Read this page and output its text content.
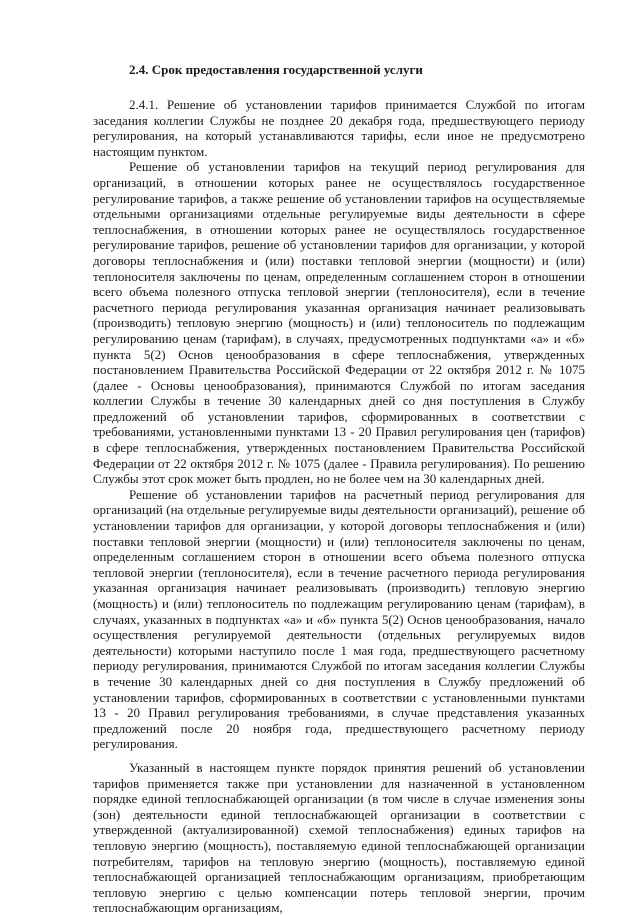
2.4. Срок предоставления государственной услуги

2.4.1. Решение об установлении тарифов принимается Службой по итогам заседания коллегии Службы не позднее 20 декабря года, предшествующего периоду регулирования, на который устанавливаются тарифы, если иное не предусмотрено настоящим пунктом.

Решение об установлении тарифов на текущий период регулирования для организаций, в отношении которых ранее не осуществлялось государственное регулирование тарифов, а также решение об установлении тарифов на осуществляемые отдельными организациями отдельные регулируемые виды деятельности в сфере теплоснабжения, в отношении которых ранее не осуществлялось государственное регулирование тарифов, решение об установлении тарифов для организации, у которой договоры теплоснабжения и (или) поставки тепловой энергии (мощности) и (или) теплоносителя заключены по ценам, определенным соглашением сторон в отношении всего объема полезного отпуска тепловой энергии (теплоносителя), если в течение расчетного периода регулирования указанная организация начинает реализовывать (производить) тепловую энергию (мощность) и (или) теплоноситель по подлежащим регулированию ценам (тарифам), в случаях, предусмотренных подпунктами «а» и «б» пункта 5(2) Основ ценообразования в сфере теплоснабжения, утвержденных постановлением Правительства Российской Федерации от 22 октября 2012 г. № 1075 (далее - Основы ценообразования), принимаются Службой по итогам заседания коллегии Службы в течение 30 календарных дней со дня поступления в Службу предложений об установлении тарифов, сформированных в соответствии с требованиями, установленными пунктами 13 - 20 Правил регулирования цен (тарифов) в сфере теплоснабжения, утвержденных постановлением Правительства Российской Федерации от 22 октября 2012 г. № 1075 (далее - Правила регулирования). По решению Службы этот срок может быть продлен, но не более чем на 30 календарных дней.

Решение об установлении тарифов на расчетный период регулирования для организаций (на отдельные регулируемые виды деятельности организаций), решение об установлении тарифов для организации, у которой договоры теплоснабжения и (или) поставки тепловой энергии (мощности) и (или) теплоносителя заключены по ценам, определенным соглашением сторон в отношении всего объема полезного отпуска тепловой энергии (теплоносителя), если в течение расчетного периода регулирования указанная организация начинает реализовывать (производить) тепловую энергию (мощность) и (или) теплоноситель по подлежащим регулированию ценам (тарифам), в случаях, указанных в подпунктах «а» и «б» пункта 5(2) Основ ценообразования, начало осуществления регулируемой деятельности (отдельных регулируемых видов деятельности) которыми наступило после 1 мая года, предшествующего расчетному периоду регулирования, принимаются Службой по итогам заседания коллегии Службы в течение 30 календарных дней со дня поступления в Службу предложений об установлении тарифов, сформированных в соответствии с установленными пунктами 13 - 20 Правил регулирования требованиями, в случае представления указанных предложений после 20 ноября года, предшествующего расчетному периоду регулирования.

Указанный в настоящем пункте порядок принятия решений об установлении тарифов применяется также при установлении для назначенной в установленном порядке единой теплоснабжающей организации (в том числе в случае изменения зоны (зон) деятельности единой теплоснабжающей организации в соответствии с утвержденной (актуализированной) схемой теплоснабжения) единых тарифов на тепловую энергию (мощность), поставляемую единой теплоснабжающей организации потребителям, тарифов на тепловую энергию (мощность), поставляемую единой теплоснабжающей организацией теплоснабжающим организациям, приобретающим тепловую энергию с целью компенсации потерь тепловой энергии, прочим теплоснабжающим организациям,
